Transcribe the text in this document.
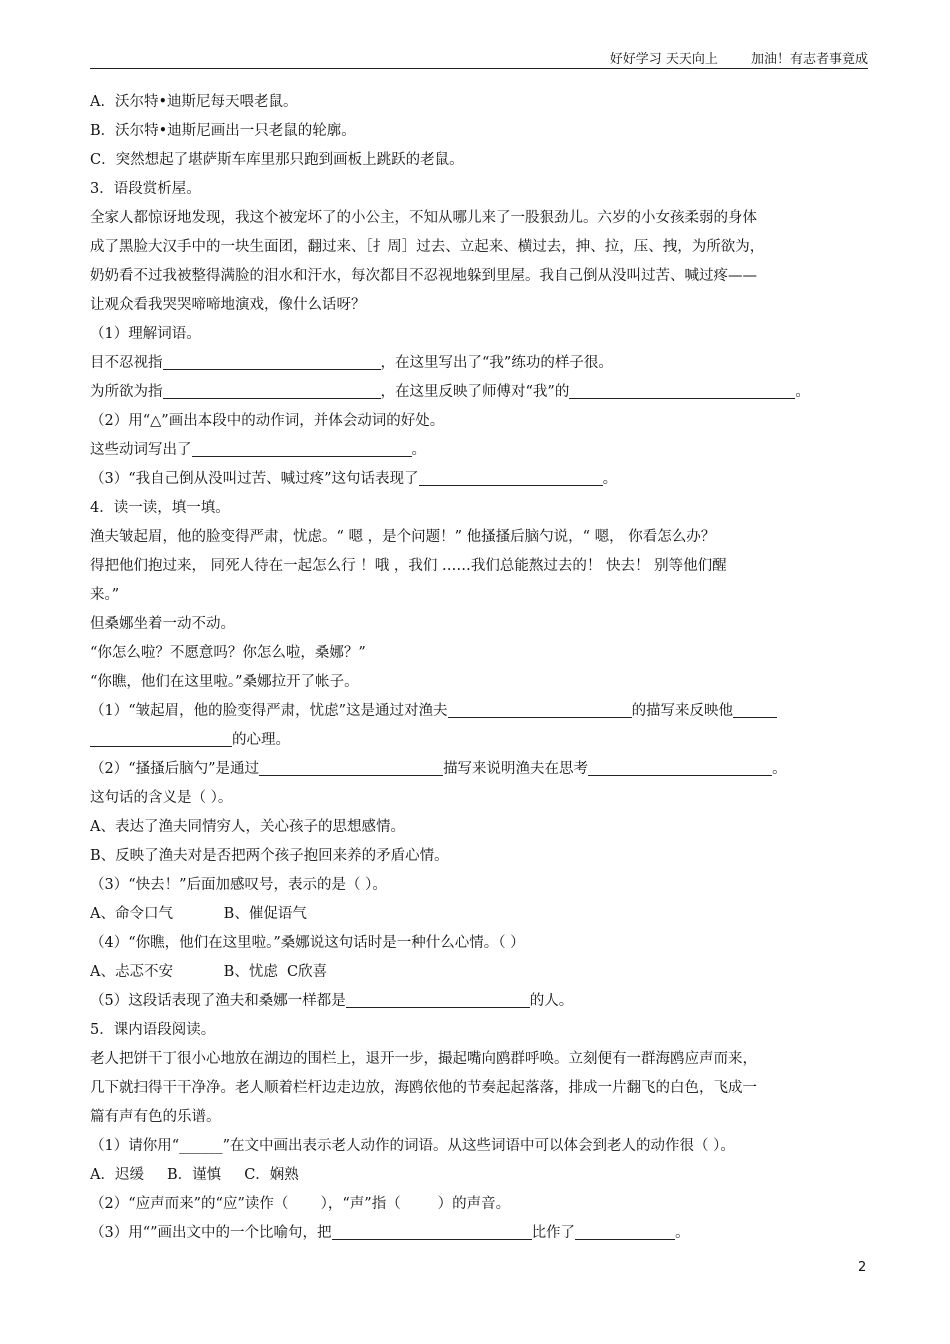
好好学习 天天向上	加油！有志者事竟成
A．沃尔特•迪斯尼每天喂老鼠。
B．沃尔特•迪斯尼画出一只老鼠的轮廓。
C．突然想起了堪萨斯车库里那只跑到画板上跳跃的老鼠。
3．语段赏析屋。
全家人都惊讶地发现，我这个被宠坏了的小公主，不知从哪儿来了一股狠劲儿。六岁的小女孩柔弱的身体
成了黑脸大汉手中的一块生面团，翻过来、［扌周］过去、立起来、横过去，抻、拉，压、拽，为所欲为，
奶奶看不过我被整得满脸的泪水和汗水，每次都目不忍视地躲到里屋。我自己倒从没叫过苦、喊过疼——
让观众看我哭哭啼啼地演戏，像什么话呀？
（1）理解词语。
目不忍视指	，在这里写出了“我”练功的样子很。
为所欲为指	，在这里反映了师傅对“我”的	。
（2）用“△”画出本段中的动作词，并体会动词的好处。
这些动词写出了	。
（3）“我自己倒从没叫过苦、喊过疼”这句话表现了	。
4．读一读，填一填。
渔夫皱起眉，他的脸变得严肃，忧虑。“ 嗯 ，是个问题！” 他搔搔后脑勺说，“ 嗯， 你看怎么办？
得把他们抱过来， 同死人待在一起怎么行 ！哦 ，我们 ……我们总能熬过去的！ 快去！ 别等他们醒
来。”
但桑娜坐着一动不动。
“你怎么啦？不愿意吗？你怎么啦，桑娜？”
“你瞧，他们在这里啦。”桑娜拉开了帐子。
（1）“皱起眉，他的脸变得严肃，忧虑”这是通过对渔夫	的描写来反映他
的心理。
（2）“搔搔后脑勺”是通过	描写来说明渔夫在思考	。
这句话的含义是（ ）。
A、表达了渔夫同情穷人，关心孩子的思想感情。
B、反映了渔夫对是否把两个孩子抱回来养的矛盾心情。
（3）“快去！”后面加感叹号，表示的是（ ）。
A、命令口气           B、催促语气
（4）“你瞧，他们在这里啦。”桑娜说这句话时是一种什么心情。（ ）
A、忐忑不安           B、忧虑  C欣喜
（5）这段话表现了渔夫和桑娜一样都是	的人。
5．课内语段阅读。
老人把饼干丁很小心地放在湖边的围栏上，退开一步，撮起嘴向鸥群呼唤。立刻便有一群海鸥应声而来，
几下就扫得干干净净。老人顺着栏杆边走边放，海鸥依他的节奏起起落落，排成一片翻飞的白色，飞成一
篇有声有色的乐谱。
（1）请你用“______”在文中画出表示老人动作的词语。从这些词语中可以体会到老人的动作很（ ）。
A．迟缓     B．谨慎     C．娴熟
（2）“应声而来”的“应”读作（       ），“声”指（        ）的声音。
（3）用“”画出文中的一个比喻句，把	比作了	。
2
